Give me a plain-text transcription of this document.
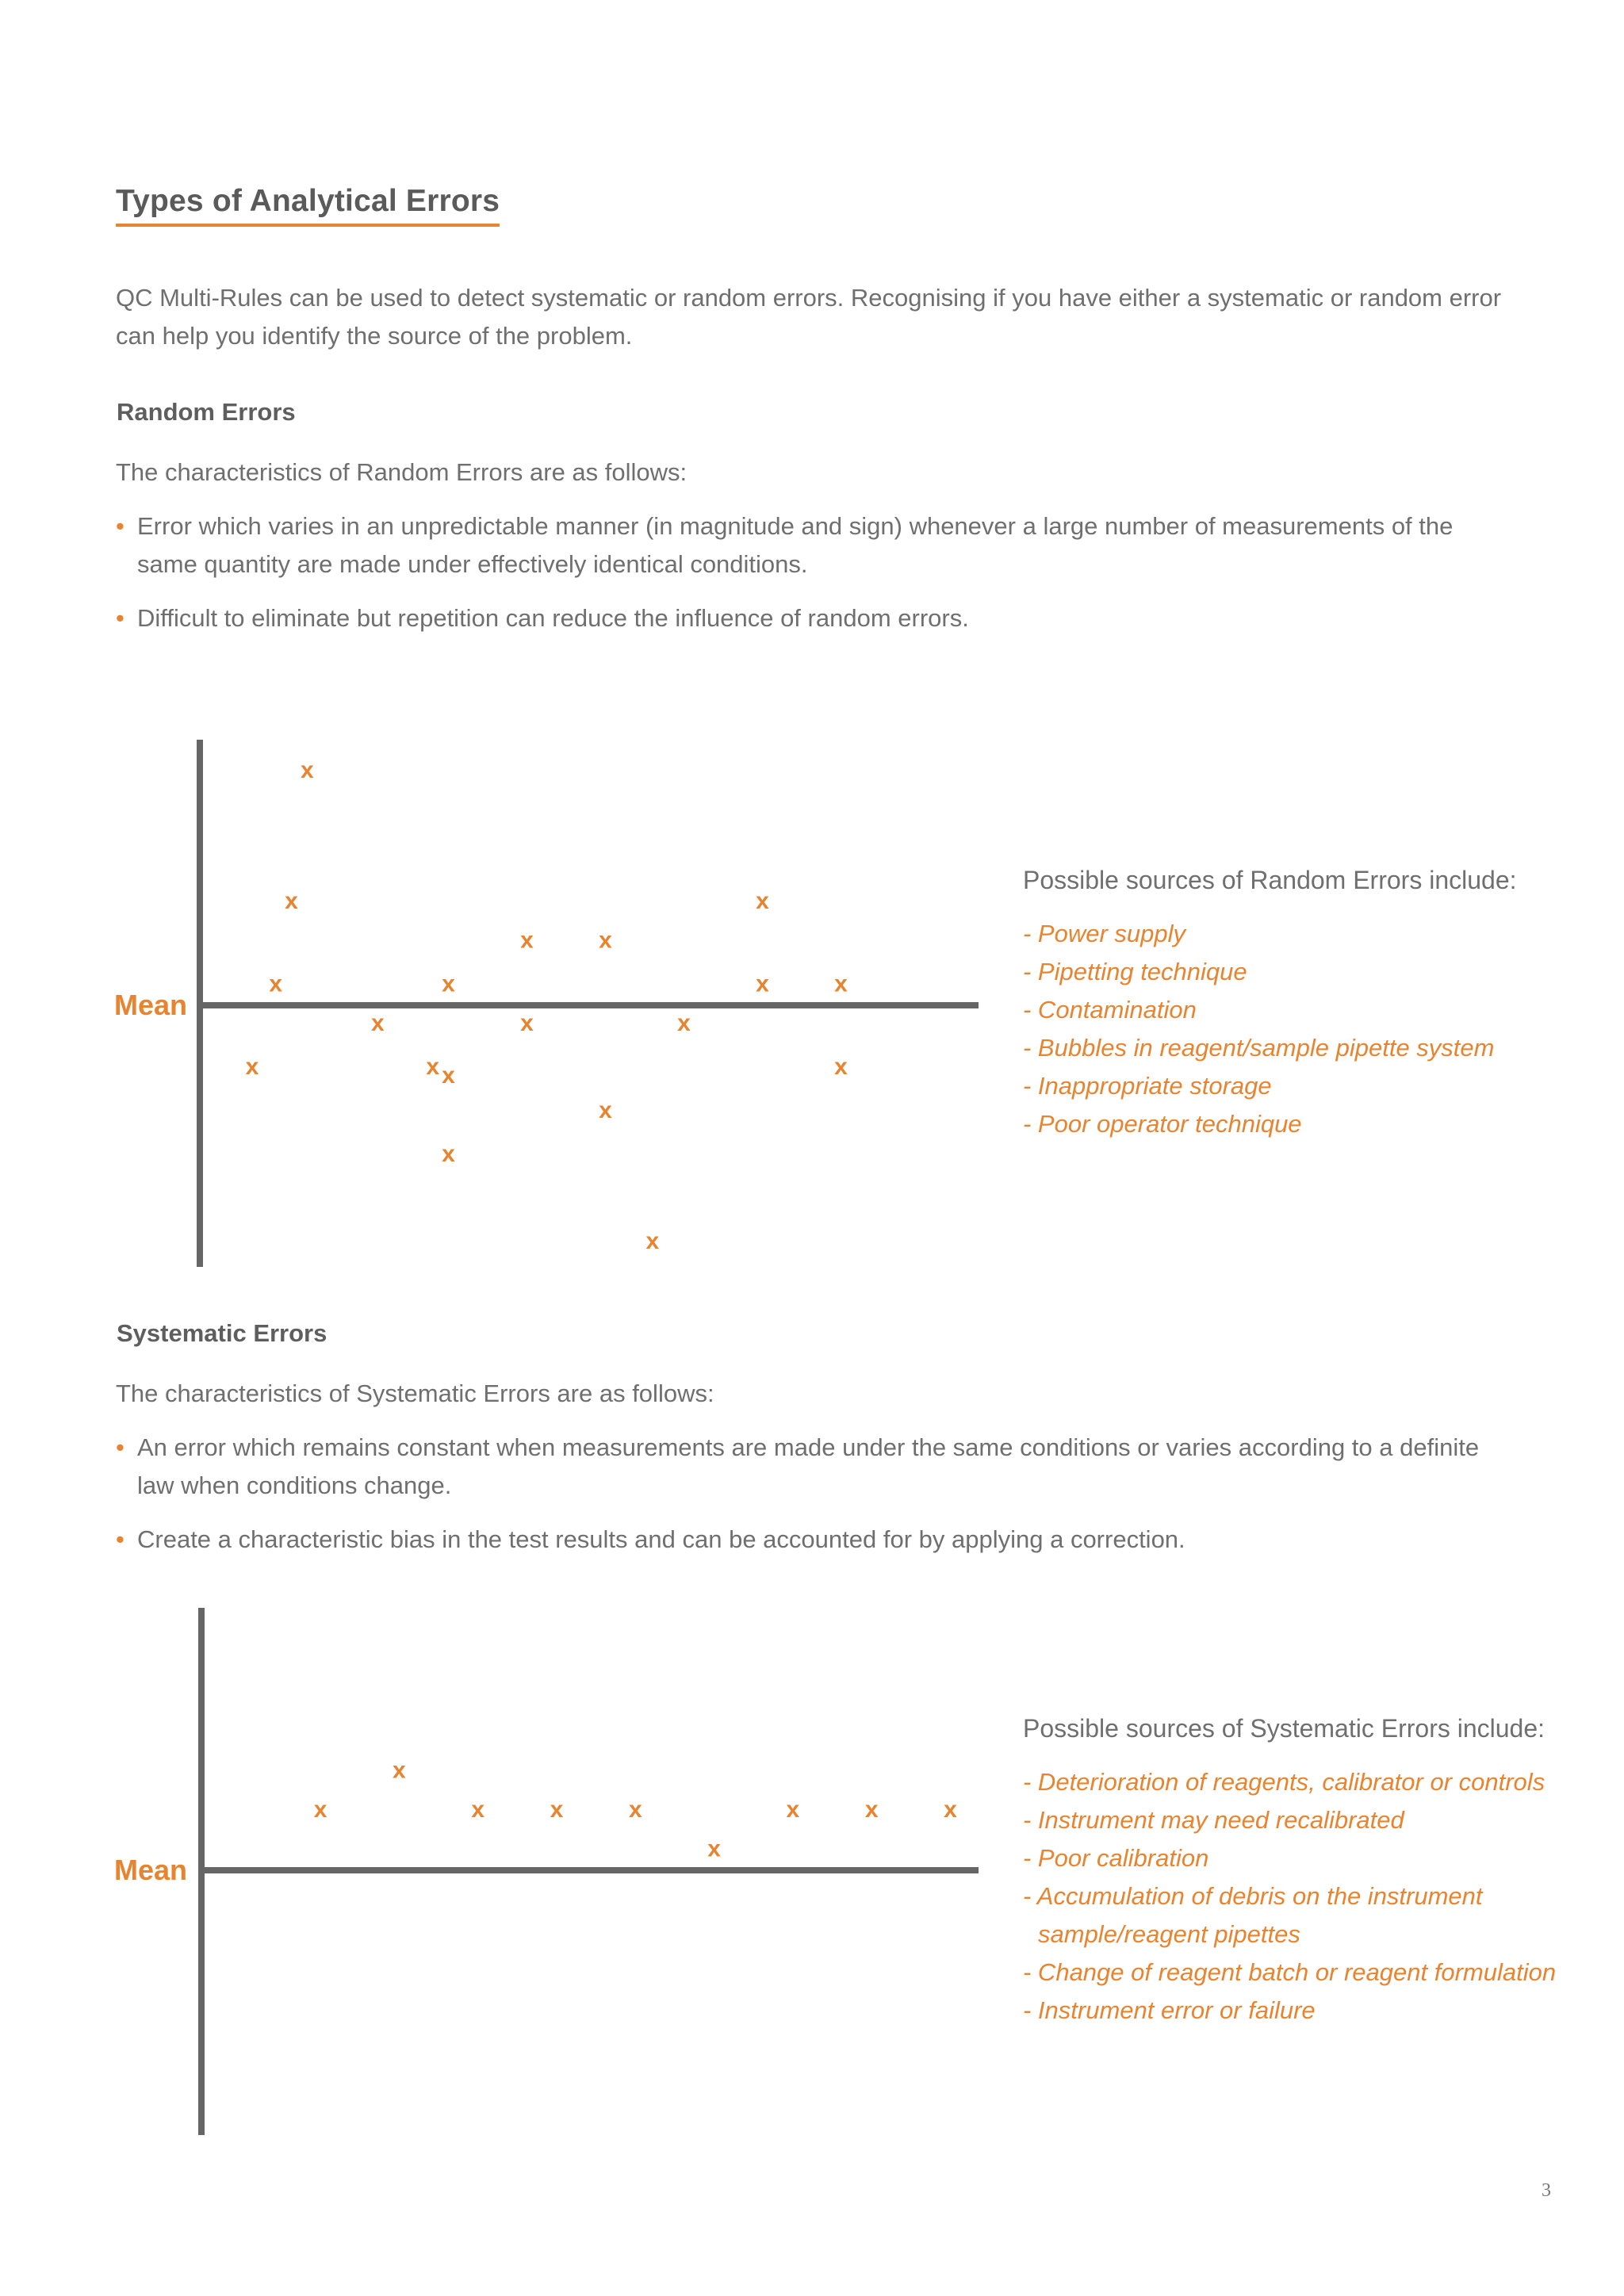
Types of Analytical Errors
QC Multi-Rules can be used to detect systematic or random errors. Recognising if you have either a systematic or random error can help you identify the source of the problem.
Random Errors
The characteristics of Random Errors are as follows:
• Error which varies in an unpredictable manner (in magnitude and sign) whenever a large number of measurements of the same quantity are made under effectively identical conditions.
• Difficult to eliminate but repetition can reduce the influence of random errors.
Mean
x
x
x
x
x
x
x
x
x
x
x
x
x
x
x
x
x	x
x
Possible sources of Random Errors include:
- Power supply
- Pipetting technique
- Contamination
- Bubbles in reagent/sample pipette system
- Inappropriate storage
- Poor operator technique
Systematic Errors
The characteristics of Systematic Errors are as follows:
• An error which remains constant when measurements are made under the same conditions or varies according to a definite law when conditions change.
• Create a characteristic bias in the test results and can be accounted for by applying a correction.
Mean
x
x
x	x	x
x
x	x	x
Possible sources of Systematic Errors include:
- Deterioration of reagents, calibrator or controls
- Instrument may need recalibrated
- Poor calibration
- Accumulation of debris on the instrument
sample/reagent pipettes
- Change of reagent batch or reagent formulation
- Instrument error or failure
3
